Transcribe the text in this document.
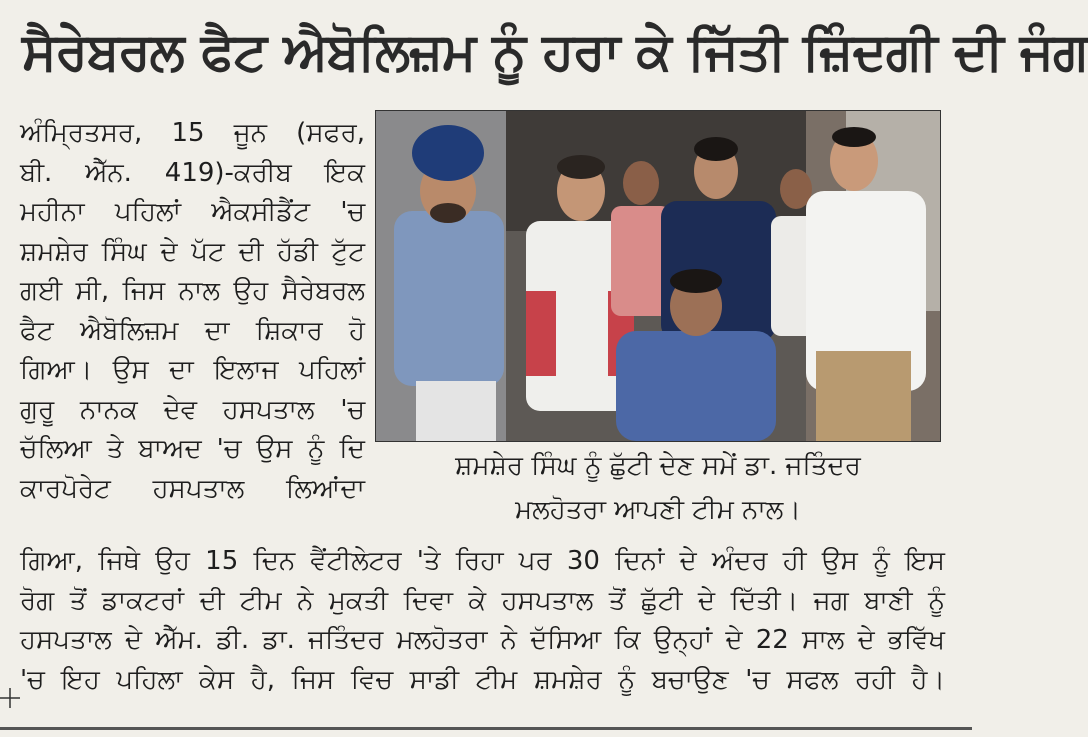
ਸੈਰੇਬਰਲ ਫੈਟ ਐਬੋਲਿਜ਼ਮ ਨੂੰ ਹਰਾ ਕੇ ਜਿੱਤੀ ਜ਼ਿੰਦਗੀ ਦੀ ਜੰਗ
ਅੰਮ੍ਰਿਤਸਰ, 15 ਜੂਨ (ਸਫਰ,
ਬੀ. ਐੱਨ. 419)-ਕਰੀਬ ਇਕ
ਮਹੀਨਾ ਪਹਿਲਾਂ ਐਕਸੀਡੈਂਟ 'ਚ
ਸ਼ਮਸ਼ੇਰ ਸਿੰਘ ਦੇ ਪੱਟ ਦੀ ਹੱਡੀ ਟੁੱਟ
ਗਈ ਸੀ, ਜਿਸ ਨਾਲ ਉਹ ਸੈਰੇਬਰਲ
ਫੈਟ ਐਬੋਲਿਜ਼ਮ ਦਾ ਸ਼ਿਕਾਰ ਹੋ
ਗਿਆ। ਉਸ ਦਾ ਇਲਾਜ ਪਹਿਲਾਂ
ਗੁਰੂ ਨਾਨਕ ਦੇਵ ਹਸਪਤਾਲ 'ਚ
ਚੱਲਿਆ ਤੇ ਬਾਅਦ 'ਚ ਉਸ ਨੂੰ ਦਿ
ਕਾਰਪੋਰੇਟ ਹਸਪਤਾਲ ਲਿਆਂਦਾ
ਸ਼ਮਸ਼ੇਰ ਸਿੰਘ ਨੂੰ ਛੁੱਟੀ ਦੇਣ ਸਮੇਂ ਡਾ. ਜਤਿੰਦਰ
ਮਲਹੋਤਰਾ ਆਪਣੀ ਟੀਮ ਨਾਲ।
ਗਿਆ, ਜਿਥੇ ਉਹ 15 ਦਿਨ ਵੈਂਟੀਲੇਟਰ 'ਤੇ ਰਿਹਾ ਪਰ 30 ਦਿਨਾਂ ਦੇ ਅੰਦਰ ਹੀ ਉਸ ਨੂੰ ਇਸ
ਰੋਗ ਤੋਂ ਡਾਕਟਰਾਂ ਦੀ ਟੀਮ ਨੇ ਮੁਕਤੀ ਦਿਵਾ ਕੇ ਹਸਪਤਾਲ ਤੋਂ ਛੁੱਟੀ ਦੇ ਦਿੱਤੀ। ਜਗ ਬਾਣੀ ਨੂੰ
ਹਸਪਤਾਲ ਦੇ ਐੱਮ. ਡੀ. ਡਾ. ਜਤਿੰਦਰ ਮਲਹੋਤਰਾ ਨੇ ਦੱਸਿਆ ਕਿ ਉਨ੍ਹਾਂ ਦੇ 22 ਸਾਲ ਦੇ ਭਵਿੱਖ
'ਚ ਇਹ ਪਹਿਲਾ ਕੇਸ ਹੈ, ਜਿਸ ਵਿਚ ਸਾਡੀ ਟੀਮ ਸ਼ਮਸ਼ੇਰ ਨੂੰ ਬਚਾਉਣ 'ਚ ਸਫਲ ਰਹੀ ਹੈ।
